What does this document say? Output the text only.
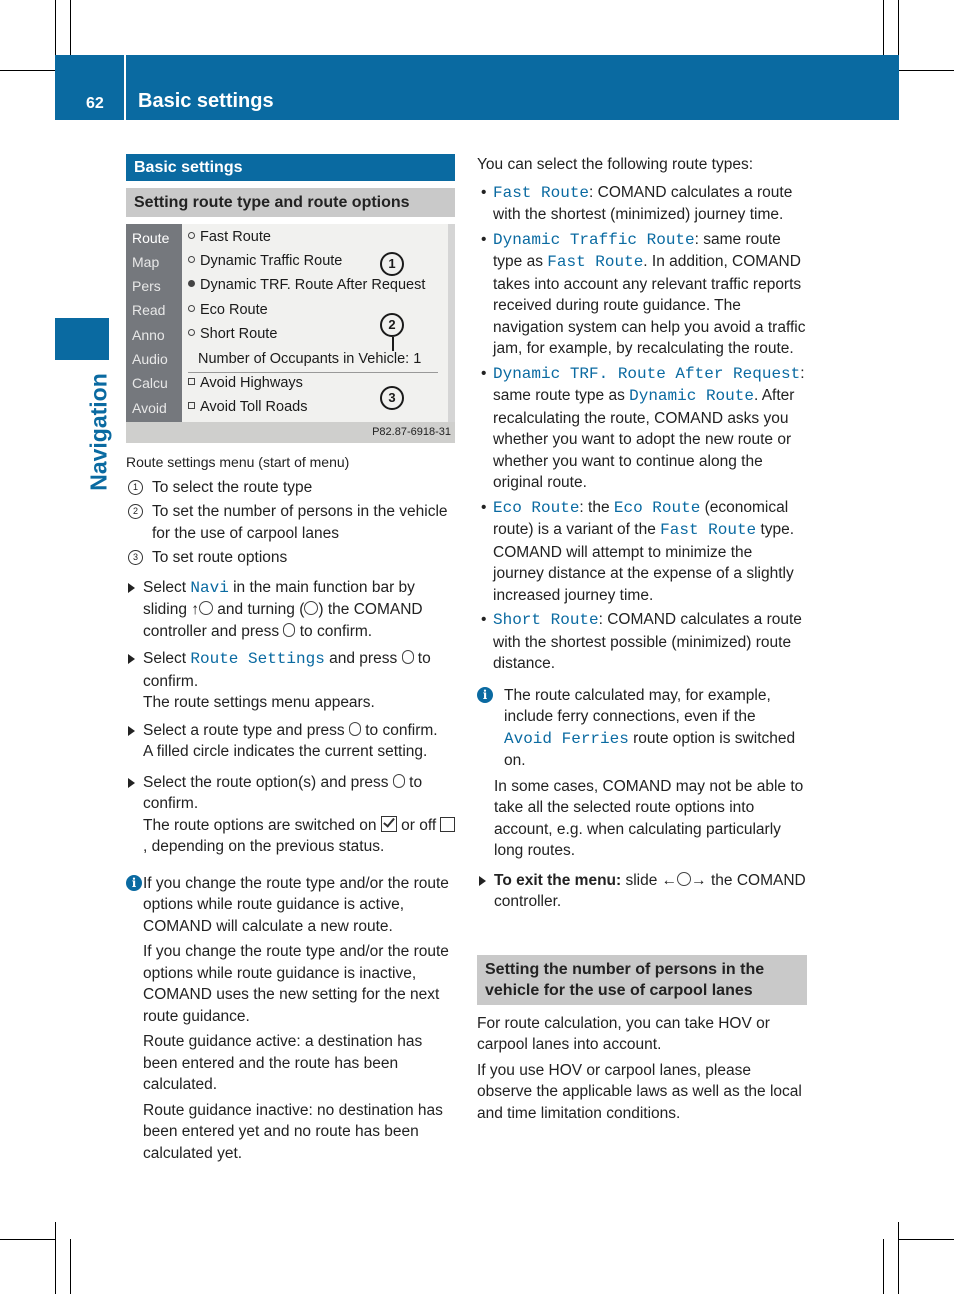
62 Basic settings
Navigation
Basic settings
Setting route type and route options
Route
Map
Pers
Read
Anno
Audio
Calcu
Avoid
Fast Route
Dynamic Traffic Route
Dynamic TRF. Route After Request
Eco Route
Short Route
Number of Occupants in Vehicle: 1
Avoid Highways
Avoid Toll Roads
1
2
3
P82.87-6918-31

Route settings menu (start of menu)

1 To select the route type
2 To set the number of persons in the vehicle for the use of carpool lanes
3 To set route options
Select Navi in the main function bar by sliding ↑ and turning ( ) the COMAND controller and press  to confirm.
Select Route Settings and press  to confirm.
The route settings menu appears.
Select a route type and press  to confirm.
A filled circle indicates the current setting.
Select the route option(s) and press  to confirm.
The route options are switched on  or off , depending on the previous status.
i If you change the route type and/or the route options while route guidance is active, COMAND will calculate a new route.

If you change the route type and/or the route options while route guidance is inactive, COMAND uses the new setting for the next route guidance.

Route guidance active: a destination has been entered and the route has been calculated.

Route guidance inactive: no destination has been entered yet and no route has been calculated yet.

You can select the following route types:

• Fast Route: COMAND calculates a route with the shortest (minimized) journey time.
• Dynamic Traffic Route: same route type as Fast Route. In addition, COMAND takes into account any relevant traffic reports received during route guidance. The navigation system can help you avoid a traffic jam, for example, by recalculating the route.
• Dynamic TRF. Route After Request: same route type as Dynamic Route. After recalculating the route, COMAND asks you whether you want to adopt the new route or whether you want to continue along the original route.
• Eco Route: the Eco Route (economical route) is a variant of the Fast Route type. COMAND will attempt to minimize the journey distance at the expense of a slightly increased journey time.
• Short Route: COMAND calculates a route with the shortest possible (minimized) route distance.
i	The route calculated may, for example, include ferry connections, even if the Avoid Ferries route option is switched on.

In some cases, COMAND may not be able to take all the selected route options into account, e.g. when calculating particularly long routes.

To exit the menu: slide ← → the COMAND controller.
Setting the number of persons in the vehicle for the use of carpool lanes

For route calculation, you can take HOV or carpool lanes into account.

If you use HOV or carpool lanes, please observe the applicable laws as well as the local and time limitation conditions.
